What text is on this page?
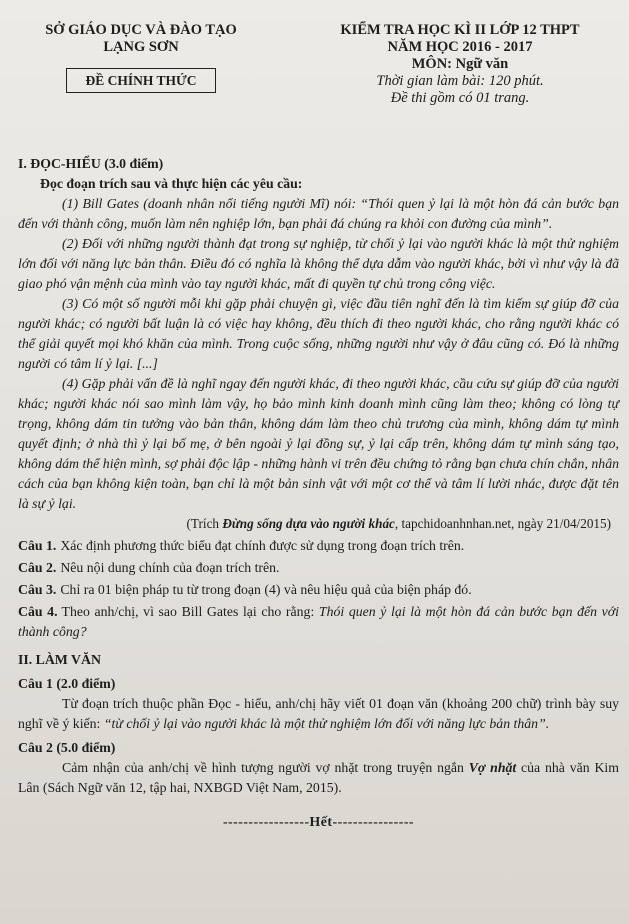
SỞ GIÁO DỤC VÀ ĐÀO TẠO
LẠNG SƠN
ĐỀ CHÍNH THỨC
KIỂM TRA HỌC KÌ II LỚP 12 THPT
NĂM HỌC 2016 - 2017
MÔN: Ngữ văn
Thời gian làm bài: 120 phút.
Đề thi gồm có 01 trang.
I. ĐỌC-HIỂU (3.0 điểm)
Đọc đoạn trích sau và thực hiện các yêu cầu:

(1) Bill Gates (doanh nhân nổi tiếng người Mĩ) nói: “Thói quen ỷ lại là một hòn đá cản bước bạn đến với thành công, muốn làm nên nghiệp lớn, bạn phải đá chúng ra khỏi con đường của mình”.

(2) Đối với những người thành đạt trong sự nghiệp, từ chối ỷ lại vào người khác là một thử nghiệm lớn đối với năng lực bản thân. Điều đó có nghĩa là không thể dựa dẫm vào người khác, bởi vì như vậy là đã giao phó vận mệnh của mình vào tay người khác, mất đi quyền tự chủ trong công việc.

(3) Có một số người mỗi khi gặp phải chuyện gì, việc đầu tiên nghĩ đến là tìm kiếm sự giúp đỡ của người khác; có người bất luận là có việc hay không, đều thích đi theo người khác, cho rằng người khác có thể giải quyết mọi khó khăn của mình. Trong cuộc sống, những người như vậy ở đâu cũng có. Đó là những người có tâm lí ỷ lại. [...]

(4) Gặp phải vấn đề là nghĩ ngay đến người khác, đi theo người khác, cầu cứu sự giúp đỡ của người khác; người khác nói sao mình làm vậy, họ bảo mình kinh doanh mình cũng làm theo; không có lòng tự trọng, không dám tin tưởng vào bản thân, không dám làm theo chủ trương của mình, không dám tự mình quyết định; ở nhà thì ỷ lại bố mẹ, ở bên ngoài ỷ lại đồng sự, ỷ lại cấp trên, không dám tự mình sáng tạo, không dám thể hiện mình, sợ phải độc lập - những hành vi trên đều chứng tỏ rằng bạn chưa chín chắn, nhân cách của bạn không kiện toàn, bạn chỉ là một bản sinh vật với một cơ thể và tâm lí lười nhác, được đặt tên là sự ỷ lại.

(Trích Đừng sống dựa vào người khác, tapchidoanhnhan.net, ngày 21/04/2015)
Câu 1. Xác định phương thức biểu đạt chính được sử dụng trong đoạn trích trên.
Câu 2. Nêu nội dung chính của đoạn trích trên.
Câu 3. Chỉ ra 01 biện pháp tu từ trong đoạn (4) và nêu hiệu quả của biện pháp đó.
Câu 4. Theo anh/chị, vì sao Bill Gates lại cho rằng: Thói quen ỷ lại là một hòn đá cản bước bạn đến với thành công?
II. LÀM VĂN
Câu 1 (2.0 điểm)

Từ đoạn trích thuộc phần Đọc - hiểu, anh/chị hãy viết 01 đoạn văn (khoảng 200 chữ) trình bày suy nghĩ về ý kiến: “từ chối ỷ lại vào người khác là một thử nghiệm lớn đối với năng lực bản thân”.

Câu 2 (5.0 điểm)

Cảm nhận của anh/chị về hình tượng người vợ nhặt trong truyện ngắn Vợ nhặt của nhà văn Kim Lân (Sách Ngữ văn 12, tập hai, NXBGD Việt Nam, 2015).

-----------------Hết----------------
